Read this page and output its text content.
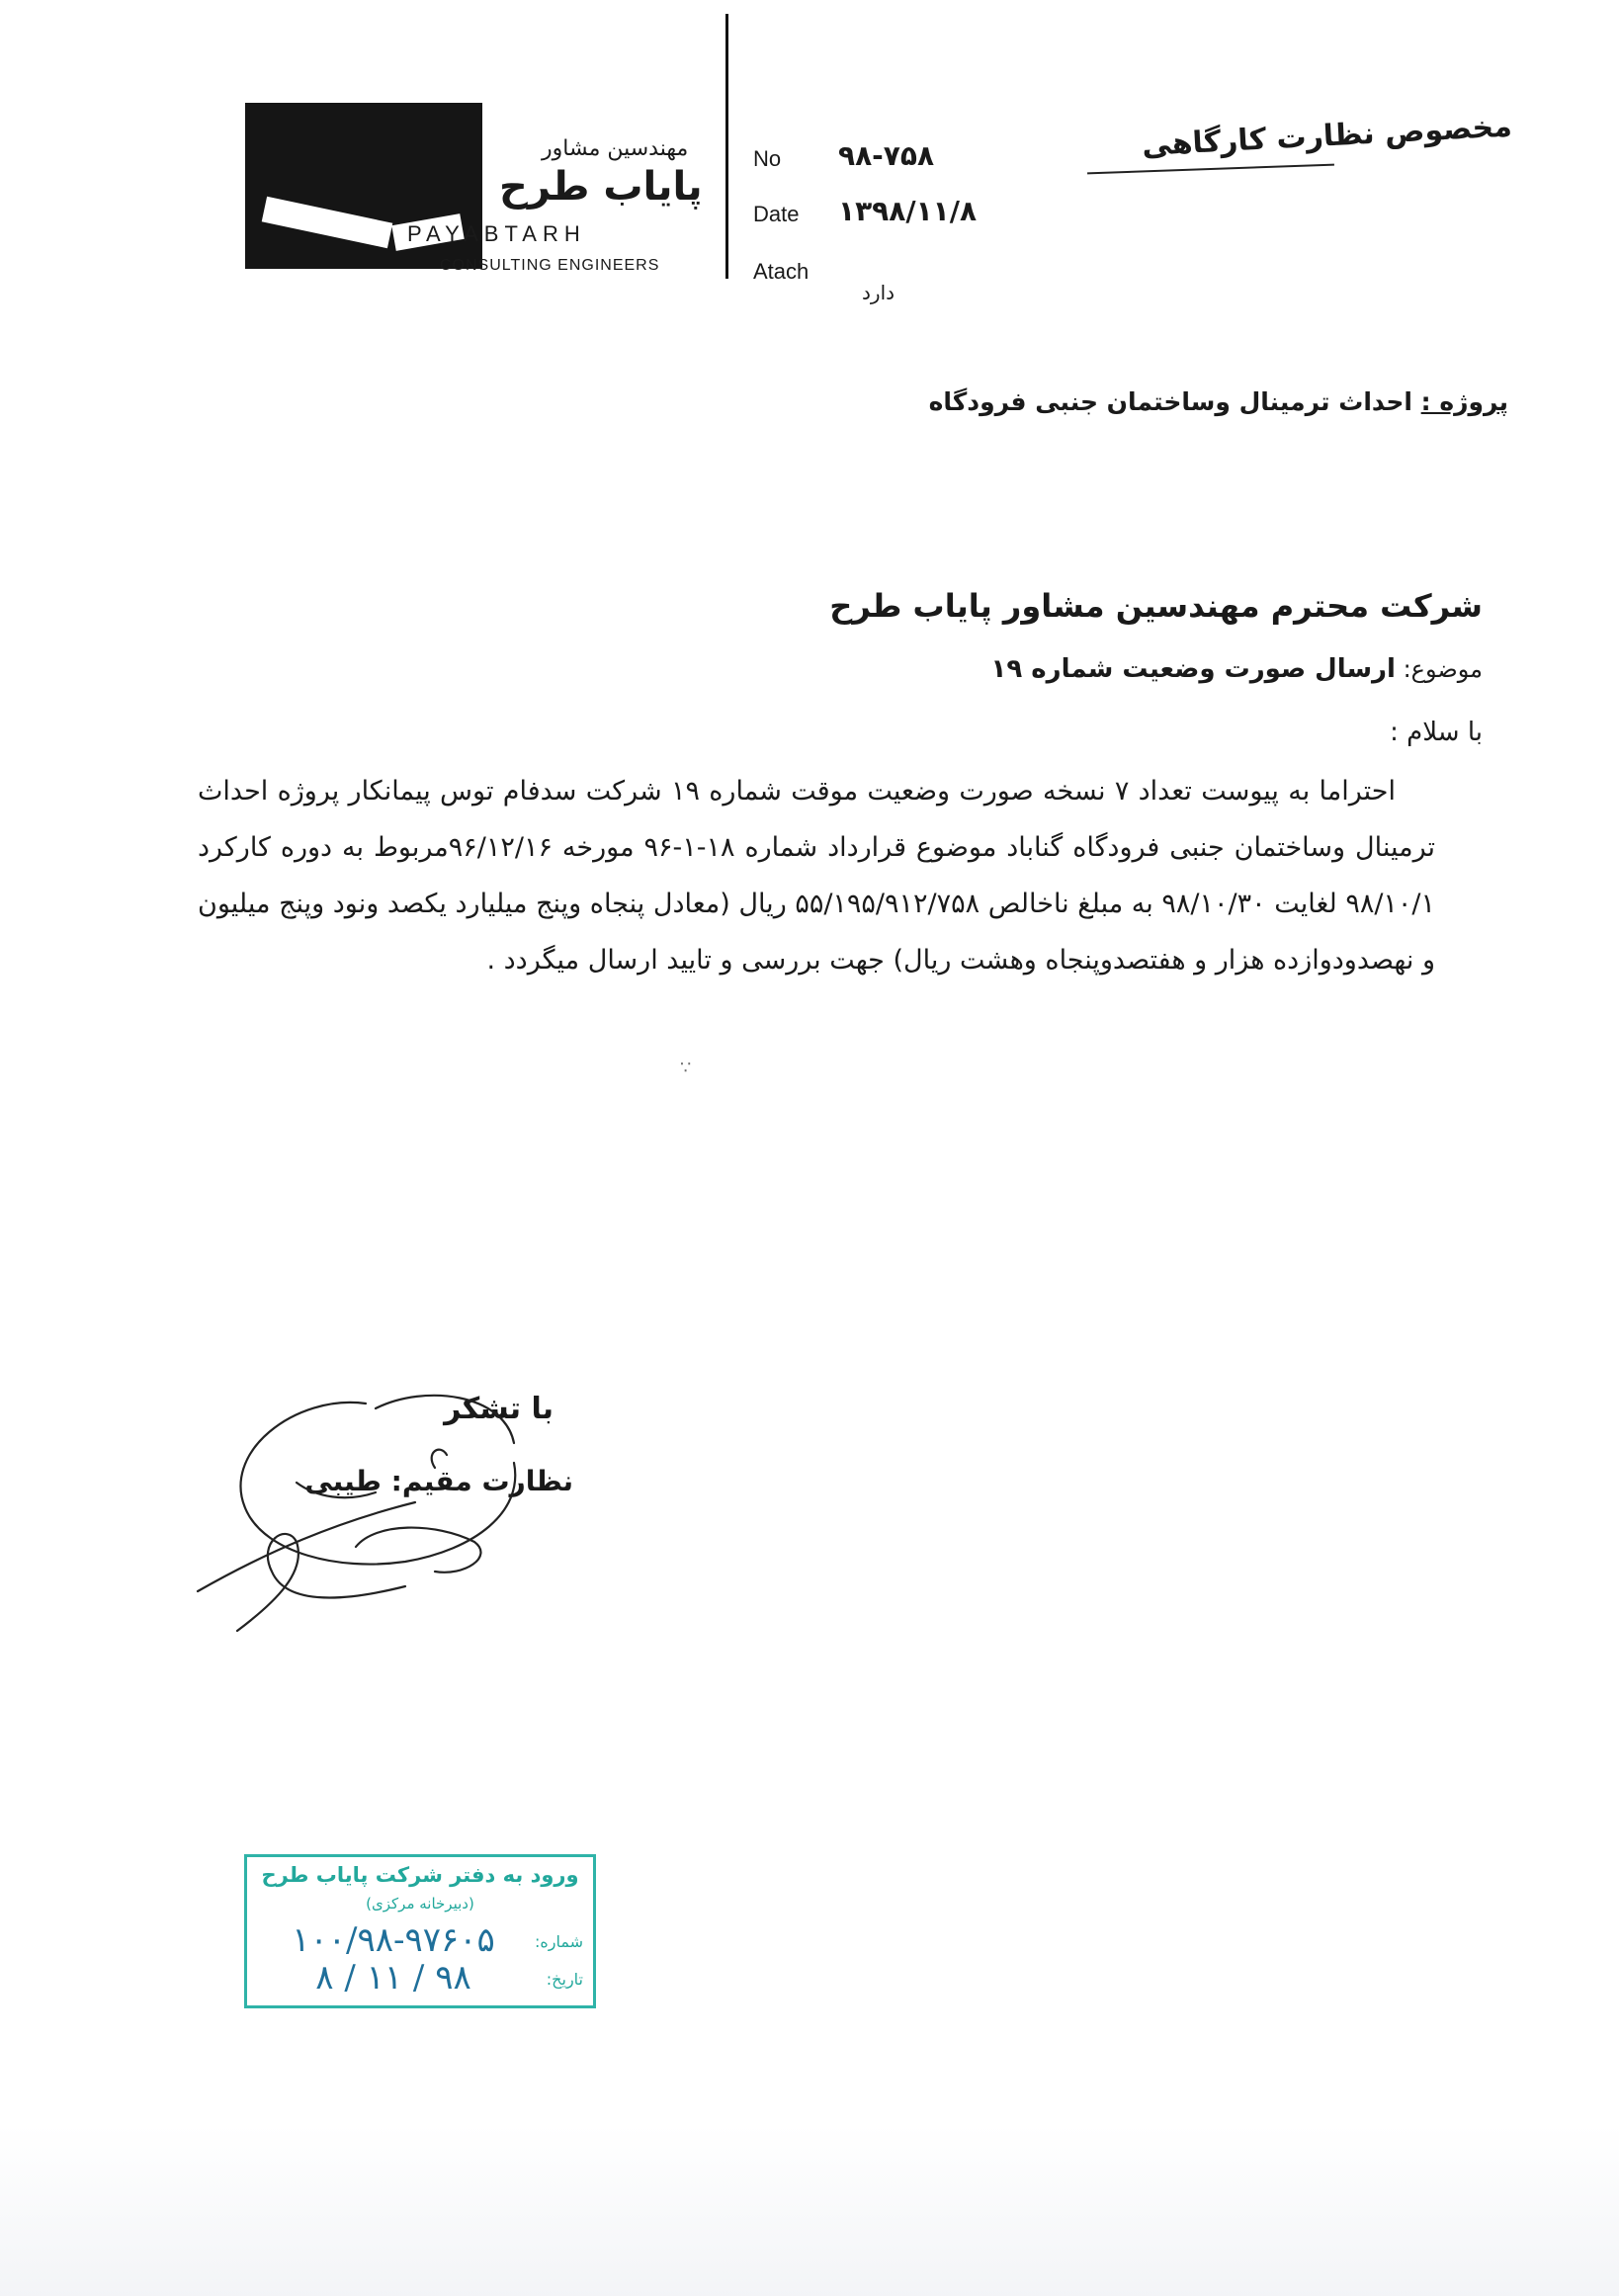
مهندسین مشاور
پایاب طرح
PAYABTARH
CONSULTING ENGINEERS
No ۹۸-۷۵۸
Date ۱۳۹۸/۱۱/۸
Atach
دارد
مخصوص نظارت کارگاهی
پروژه : احداث ترمینال وساختمان جنبی فرودگاه
شرکت محترم مهندسین مشاور پایاب طرح
موضوع: ارسال صورت وضعیت شماره ۱۹
با سلام :
احتراما به پیوست تعداد ۷ نسخه صورت وضعیت موقت شماره ۱۹ شرکت سدفام توس پیمانکار پروژه احداث ترمینال وساختمان جنبی فرودگاه گناباد موضوع قرارداد شماره ۱۸-۱-۹۶ مورخه ۹۶/۱۲/۱۶مربوط به دوره کارکرد ۹۸/۱۰/۱ لغایت ۹۸/۱۰/۳۰ به مبلغ ناخالص ۵۵/۱۹۵/۹۱۲/۷۵۸ ریال (معادل پنجاه وپنج میلیارد یکصد ونود وپنج میلیون و نهصدودوازده هزار و هفتصدوپنجاه وهشت ریال) جهت بررسی و تایید ارسال میگردد .
∵
با تشکر
نظارت مقیم: طیبی
ورود به دفتر شرکت پایاب طرح
(دبیرخانه مرکزی)
شماره:
۱۰۰/۹۸-۹۷۶۰۵
تاریخ:
۹۸ / ۱۱ / ۸
